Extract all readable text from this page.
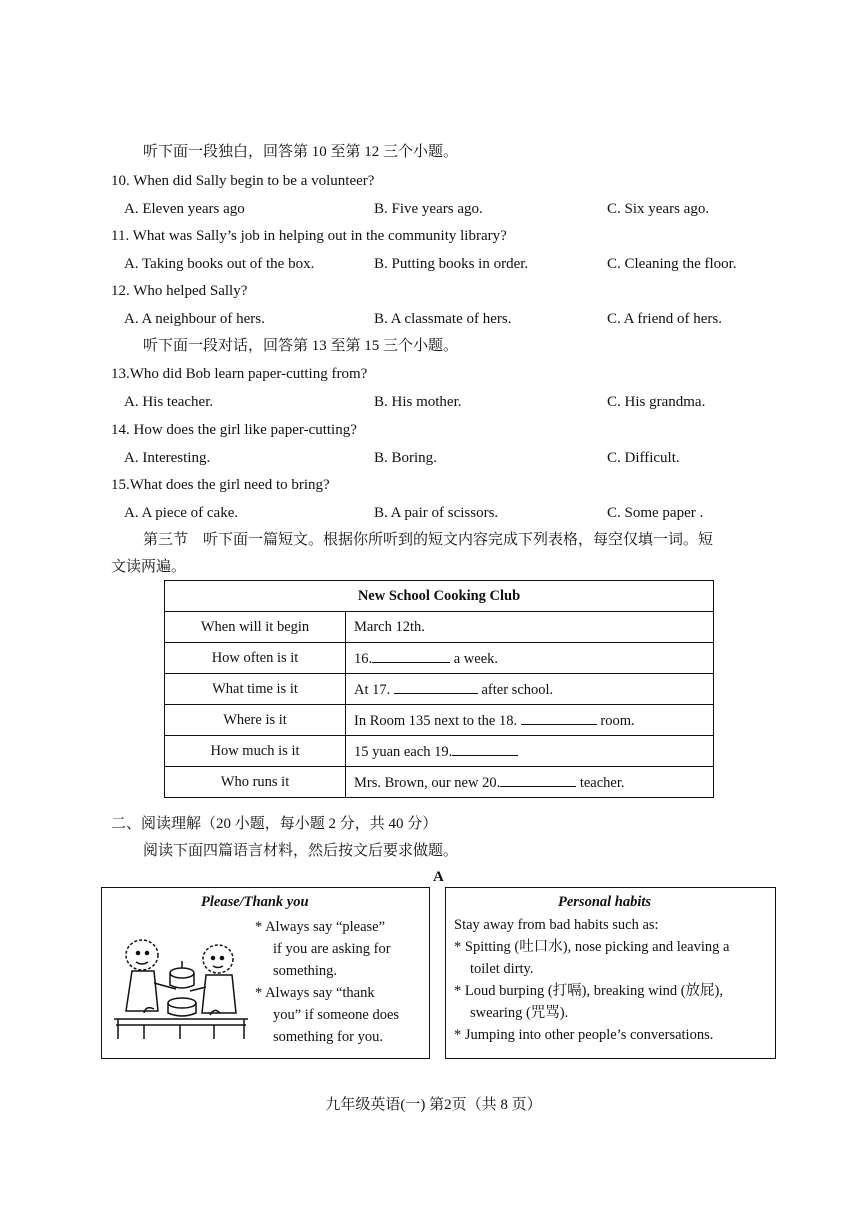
听下面一段独白，回答第 10 至第 12 三个小题。
10. When did Sally begin to be a volunteer?
A. Eleven years ago	B. Five years ago.	C. Six years ago.
11. What was Sally’s job in helping out in the community library?
A. Taking books out of the box.	B. Putting books in order.	C. Cleaning the floor.
12. Who helped Sally?
A. A neighbour of hers.	B. A classmate of hers.	C. A friend of hers.
听下面一段对话，回答第 13 至第 15 三个小题。
13.Who did Bob learn paper-cutting from?
A. His teacher.	B. His mother.	C. His grandma.
14. How does the girl like paper-cutting?
A. Interesting.	B. Boring.	C. Difficult.
15.What does the girl need to bring?
A. A piece of cake.	B. A pair of scissors.	C. Some paper .
第三节　听下面一篇短文。根据你所听到的短文内容完成下列表格，每空仅填一词。短
文读两遍。
New School Cooking Club	
When will it begin	March 12th.
How often is it	16. a week.
What time is it	At 17. after school.
Where is it	In Room 135 next to the 18. room.
How much is it	15 yuan each 19.
Who runs it	Mrs. Brown, our new 20. teacher.
二、阅读理解（20 小题，每小题 2 分，共 40 分）
阅读下面四篇语言材料，然后按文后要求做题。
A
Please/Thank you
* Always say “please”
if you are asking for
something.
* Always say “thank
you” if someone does
something for you.
Personal habits
Stay away from bad habits such as:
* Spitting (吐口水), nose picking and leaving a
toilet dirty.
* Loud burping (打嗝), breaking wind (放屁),
swearing (咒骂).
* Jumping into other people’s conversations.
九年级英语(一) 第2页（共 8 页）
